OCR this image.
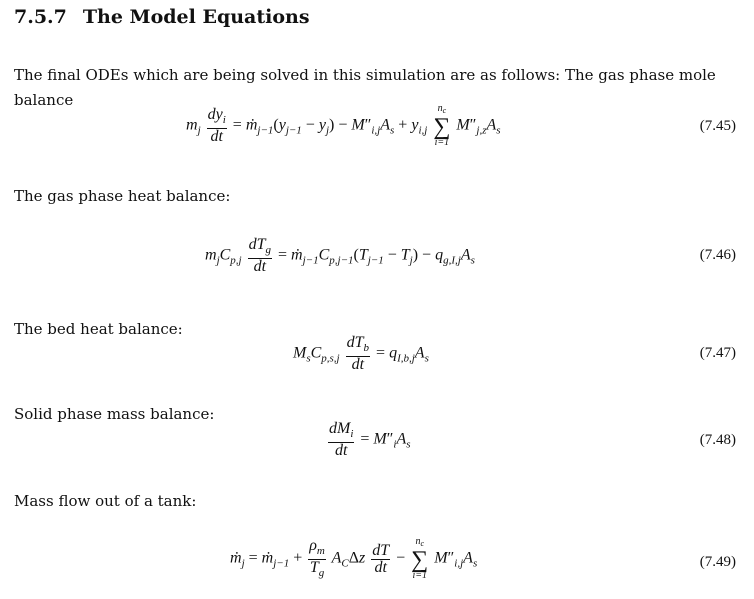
7.5.7 The Model Equations
The final ODEs which are being solved in this simulation are as follows: The gas phase mole
balance
$m_j \frac{dy_i}{dt}$ = $ṁ_{j-1}(y_{j-1} - y_j) - M''_{i,j}A_s + y_{i,j}$
$n_c$
∑
i=1
$M''_{j,z}A_s$	(7.45)
The gas phase heat balance:
$m_jC_{p,j} \frac{dT_g}{dt}$ = $ṁ_{j-1}C_{p,j-1}(T_{j-1} - T_j) - q_{g,I,j}A_s$	(7.46)
The bed heat balance:
$M_sC_{p,s,j} \frac{dT_b}{dt} = q_{I,b,j}A_s$	(7.47)
Solid phase mass balance:
$\frac{dM_i}{dt} = M''_iA_s$	(7.48)
Mass flow out of a tank:
ṁ$_j$ = ṁ$_{j-1}$ + $\frac{\rho_m}{T_g} A_C\Delta z \frac{dT}{dt}$ −
$n_c$
∑
i=1
$M''_{i,j}A_s$	(7.49)
